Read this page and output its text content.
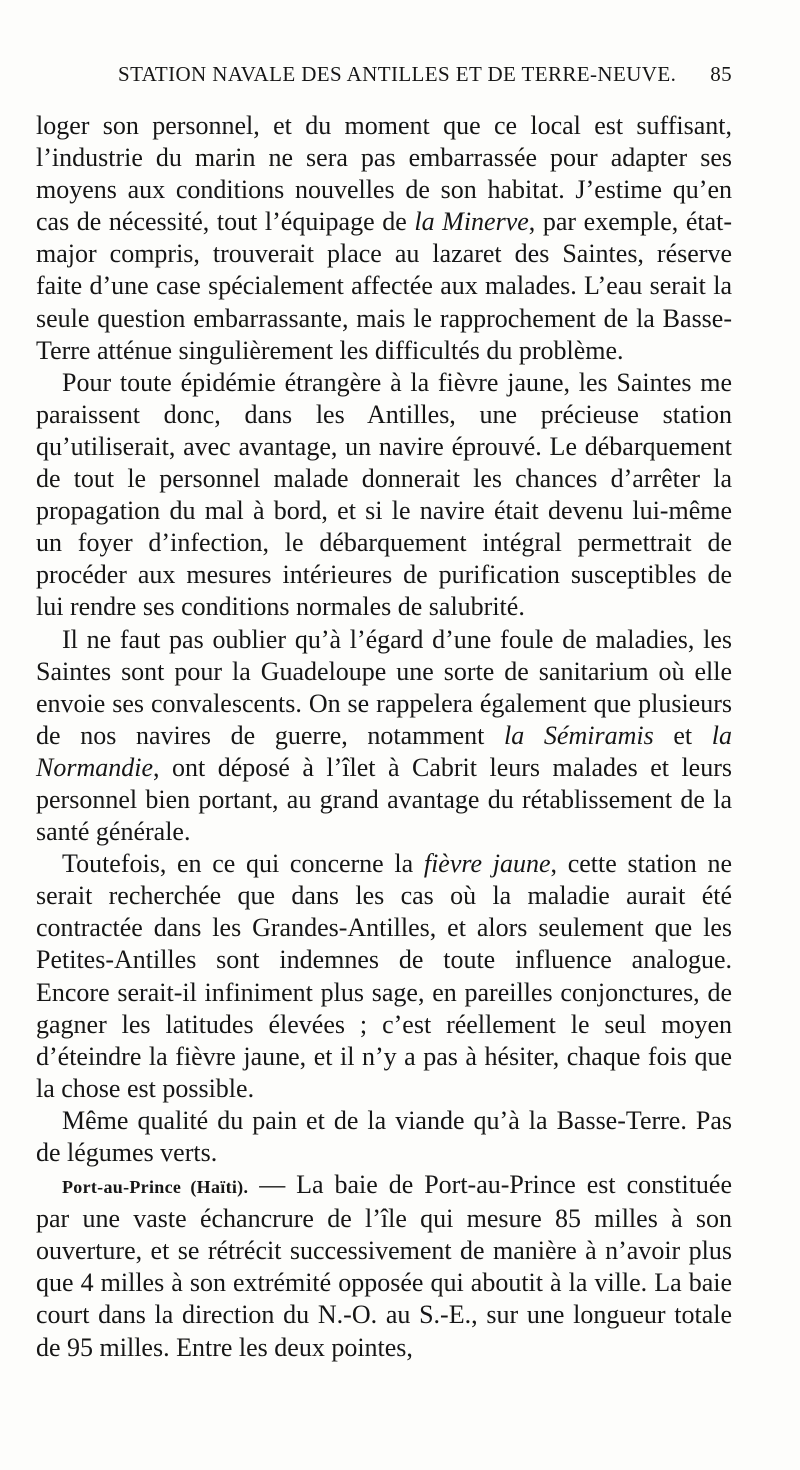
STATION NAVALE DES ANTILLES ET DE TERRE-NEUVE. 85

loger son personnel, et du moment que ce local est suffisant, l’industrie du marin ne sera pas embarrassée pour adapter ses moyens aux conditions nouvelles de son habitat. J’estime qu’en cas de nécessité, tout l’équipage de la Minerve, par exemple, état-major compris, trouverait place au lazaret des Saintes, réserve faite d’une case spécialement affectée aux malades. L’eau serait la seule question embarrassante, mais le rapprochement de la Basse-Terre atténue singulièrement les difficultés du problème.

Pour toute épidémie étrangère à la fièvre jaune, les Saintes me paraissent donc, dans les Antilles, une précieuse station qu’utiliserait, avec avantage, un navire éprouvé. Le débarquement de tout le personnel malade donnerait les chances d’arrêter la propagation du mal à bord, et si le navire était devenu lui-même un foyer d’infection, le débarquement intégral permettrait de procéder aux mesures intérieures de purification susceptibles de lui rendre ses conditions normales de salubrité.

Il ne faut pas oublier qu’à l’égard d’une foule de maladies, les Saintes sont pour la Guadeloupe une sorte de sanitarium où elle envoie ses convalescents. On se rappelera également que plusieurs de nos navires de guerre, notamment la Sémiramis et la Normandie, ont déposé à l’îlet à Cabrit leurs malades et leurs personnel bien portant, au grand avantage du rétablissement de la santé générale.

Toutefois, en ce qui concerne la fièvre jaune, cette station ne serait recherchée que dans les cas où la maladie aurait été contractée dans les Grandes-Antilles, et alors seulement que les Petites-Antilles sont indemnes de toute influence analogue. Encore serait-il infiniment plus sage, en pareilles conjonctures, de gagner les latitudes élevées ; c’est réellement le seul moyen d’éteindre la fièvre jaune, et il n’y a pas à hésiter, chaque fois que la chose est possible.

Même qualité du pain et de la viande qu’à la Basse-Terre. Pas de légumes verts.

Port-au-Prince (Haïti). — La baie de Port-au-Prince est constituée par une vaste échancrure de l’île qui mesure 85 milles à son ouverture, et se rétrécit successivement de manière à n’avoir plus que 4 milles à son extrémité opposée qui aboutit à la ville. La baie court dans la direction du N.-O. au S.-E., sur une longueur totale de 95 milles. Entre les deux pointes,
